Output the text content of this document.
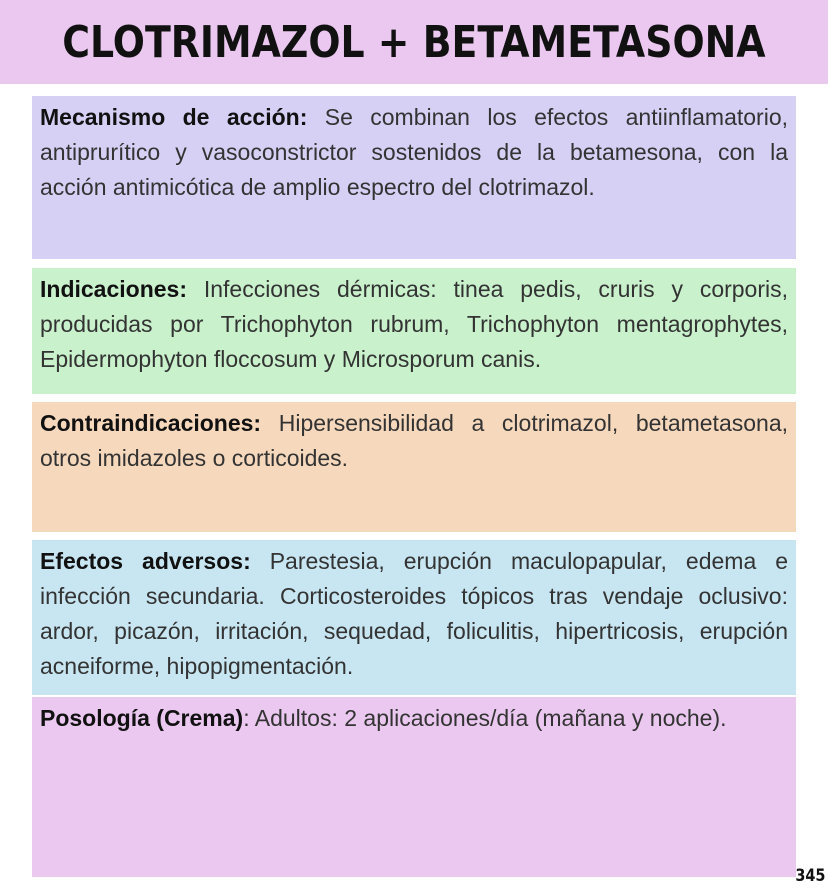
CLOTRIMAZOL + BETAMETASONA
Mecanismo de acción: Se combinan los efectos antiinflamatorio, antiprurítico y vasoconstrictor sostenidos de la betamesona, con la acción antimicótica de amplio espectro del clotrimazol.
Indicaciones: Infecciones dérmicas: tinea pedis, cruris y corporis, producidas por Trichophyton rubrum, Trichophyton mentagrophytes, Epidermophyton floccosum y Microsporum canis.
Contraindicaciones: Hipersensibilidad a clotrimazol, betametasona, otros imidazoles o corticoides.
Efectos adversos: Parestesia, erupción maculopapular, edema e infección secundaria. Corticosteroides tópicos tras vendaje oclusivo: ardor, picazón, irritación, sequedad, foliculitis, hipertricosis, erupción acneiforme, hipopigmentación.
Posología (Crema): Adultos: 2 aplicaciones/día (mañana y noche).
345
